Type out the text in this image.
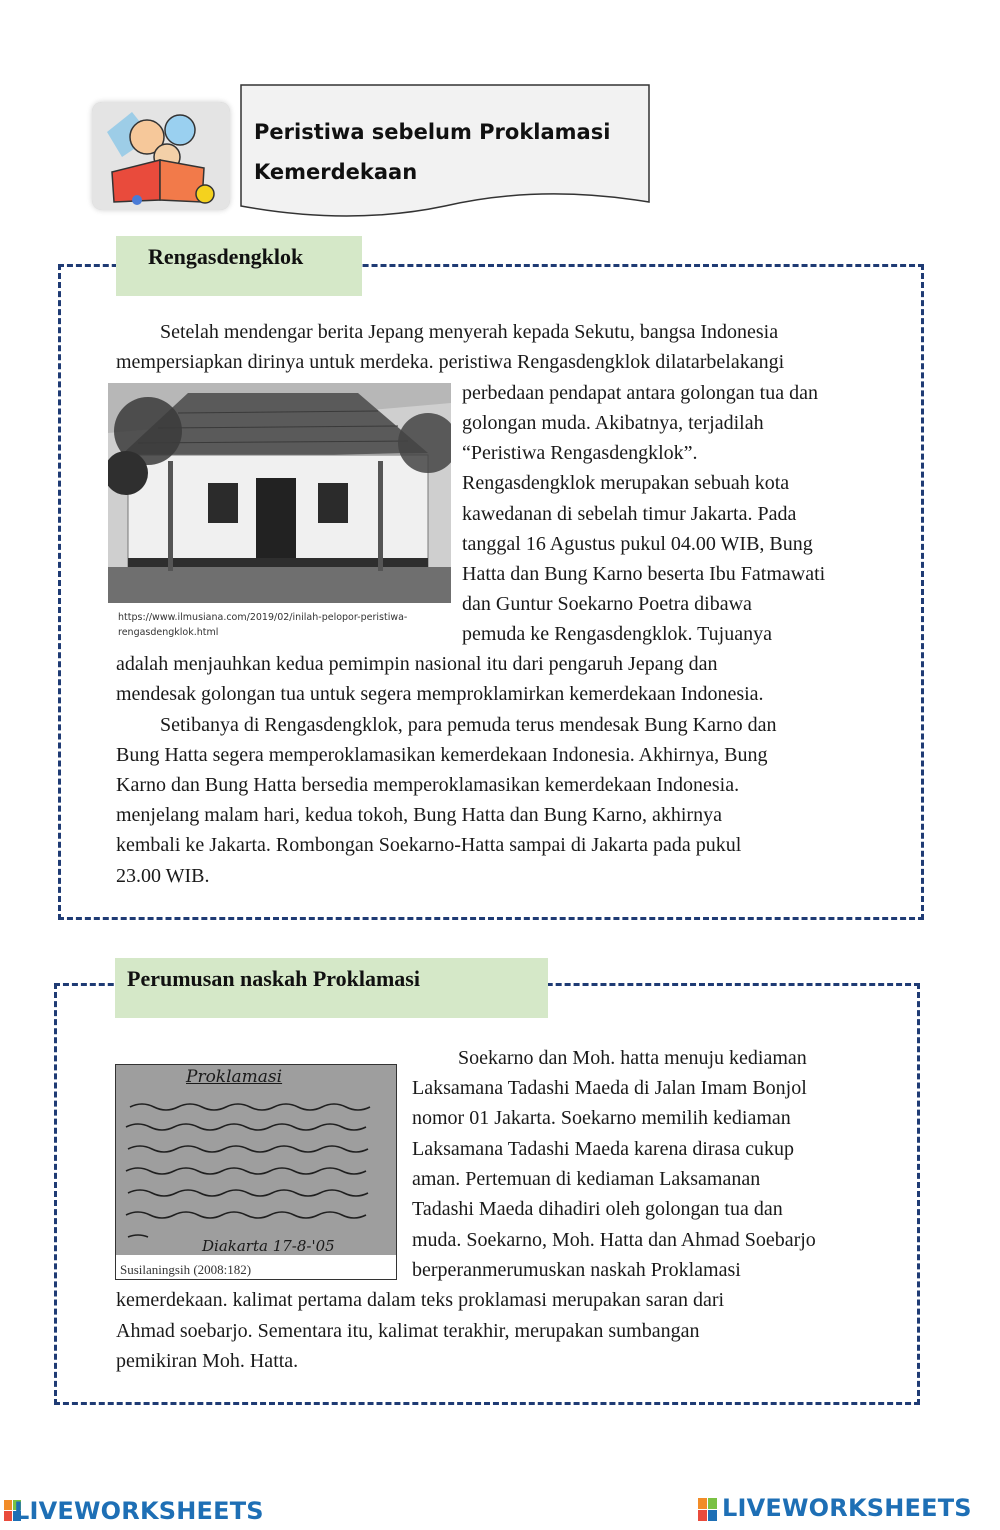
Peristiwa sebelum Proklamasi
Kemerdekaan
Rengasdengklok
Setelah mendengar berita Jepang menyerah kepada Sekutu, bangsa Indonesia
mempersiapkan dirinya untuk merdeka. peristiwa Rengasdengklok dilatarbelakangi
perbedaan pendapat antara golongan tua dan
golongan muda. Akibatnya, terjadilah
“Peristiwa Rengasdengklok”.
Rengasdengklok merupakan sebuah kota
kawedanan di sebelah timur Jakarta. Pada
tanggal 16 Agustus pukul 04.00 WIB, Bung
Hatta dan Bung Karno beserta Ibu Fatmawati
dan Guntur Soekarno Poetra dibawa
pemuda ke Rengasdengklok. Tujuanya
https://www.ilmusiana.com/2019/02/inilah-pelopor-peristiwa-
rengasdengklok.html
adalah menjauhkan kedua pemimpin nasional itu dari pengaruh Jepang dan
mendesak golongan tua untuk segera memproklamirkan kemerdekaan Indonesia.
Setibanya di Rengasdengklok, para pemuda terus mendesak Bung Karno dan
Bung Hatta segera memperoklamasikan kemerdekaan Indonesia. Akhirnya, Bung
Karno dan Bung Hatta bersedia memperoklamasikan kemerdekaan Indonesia.
menjelang malam hari, kedua tokoh, Bung Hatta dan Bung Karno, akhirnya
kembali ke Jakarta. Rombongan Soekarno-Hatta sampai di Jakarta pada pukul
23.00 WIB.
Perumusan naskah Proklamasi
Proklamasi
Diakarta 17-8-'05
Susilaningsih (2008:182)
Soekarno dan Moh. hatta menuju kediaman
Laksamana Tadashi Maeda di Jalan Imam Bonjol
nomor 01 Jakarta. Soekarno memilih kediaman
Laksamana Tadashi Maeda karena dirasa cukup
aman. Pertemuan di kediaman Laksamanan
Tadashi Maeda dihadiri oleh golongan tua dan
muda. Soekarno, Moh. Hatta dan Ahmad Soebarjo
berperanmerumuskan naskah Proklamasi
kemerdekaan. kalimat pertama dalam teks proklamasi merupakan saran dari
Ahmad soebarjo. Sementara itu, kalimat terakhir, merupakan sumbangan
pemikiran Moh. Hatta.
LIVEWORKSHEETS	LIVEWORKSHEETS
